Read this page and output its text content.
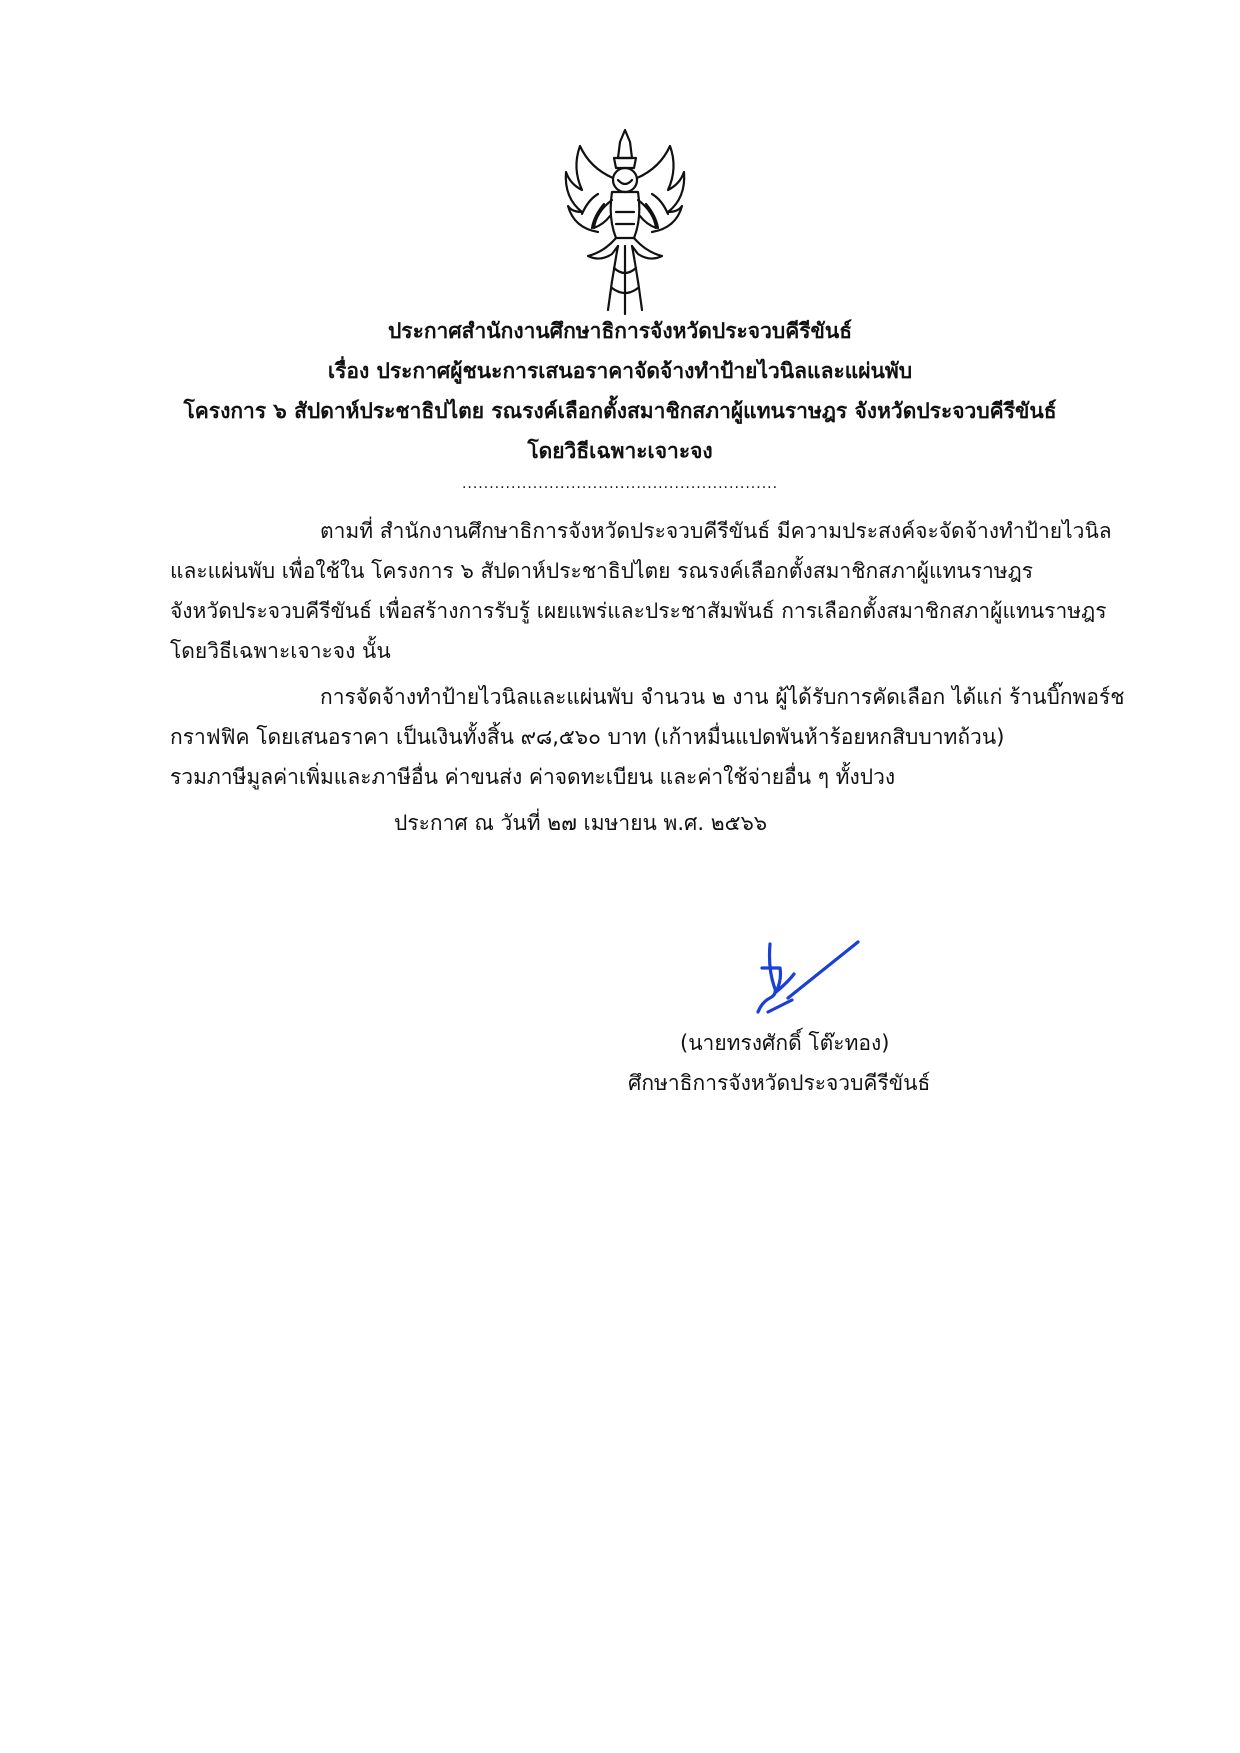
ประกาศสำนักงานศึกษาธิการจังหวัดประจวบคีรีขันธ์
เรื่อง ประกาศผู้ชนะการเสนอราคาจัดจ้างทำป้ายไวนิลและแผ่นพับ
โครงการ ๖ สัปดาห์ประชาธิปไตย รณรงค์เลือกตั้งสมาชิกสภาผู้แทนราษฎร จังหวัดประจวบคีรีขันธ์
โดยวิธีเฉพาะเจาะจง
..........................................................
ตามที่ สำนักงานศึกษาธิการจังหวัดประจวบคีรีขันธ์ มีความประสงค์จะจัดจ้างทำป้ายไวนิล
และแผ่นพับ เพื่อใช้ใน โครงการ ๖ สัปดาห์ประชาธิปไตย รณรงค์เลือกตั้งสมาชิกสภาผู้แทนราษฎร
จังหวัดประจวบคีรีขันธ์ เพื่อสร้างการรับรู้ เผยแพร่และประชาสัมพันธ์ การเลือกตั้งสมาชิกสภาผู้แทนราษฎร
โดยวิธีเฉพาะเจาะจง นั้น
การจัดจ้างทำป้ายไวนิลและแผ่นพับ จำนวน ๒ งาน ผู้ได้รับการคัดเลือก ได้แก่ ร้านบิ๊กพอร์ช
กราฟฟิค โดยเสนอราคา เป็นเงินทั้งสิ้น ๙๘,๕๖๐ บาท (เก้าหมื่นแปดพันห้าร้อยหกสิบบาทถ้วน)
รวมภาษีมูลค่าเพิ่มและภาษีอื่น ค่าขนส่ง ค่าจดทะเบียน และค่าใช้จ่ายอื่น ๆ ทั้งปวง
ประกาศ ณ วันที่ ๒๗ เมษายน พ.ศ. ๒๕๖๖
(นายทรงศักดิ์ โต๊ะทอง)
ศึกษาธิการจังหวัดประจวบคีรีขันธ์
